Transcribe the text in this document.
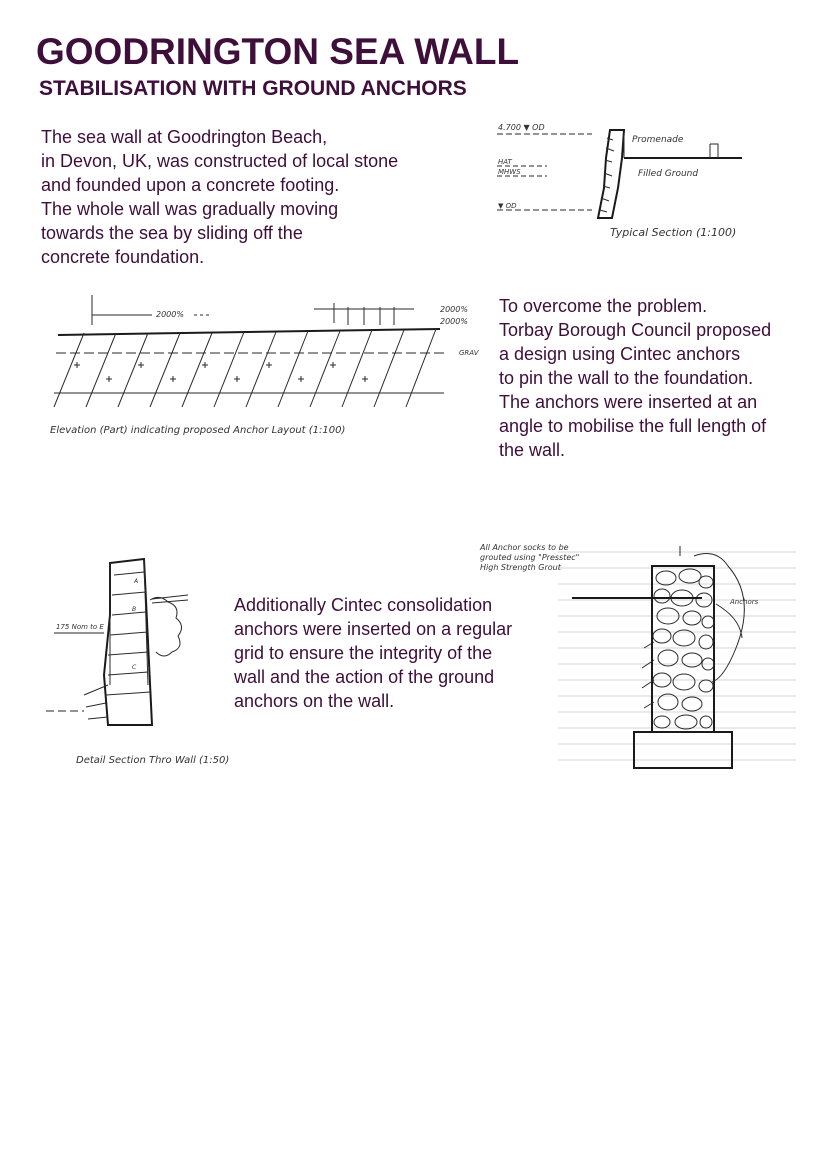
GOODRINGTON SEA WALL
STABILISATION WITH GROUND ANCHORS

The sea wall at Goodrington Beach,
in Devon, UK, was constructed of local stone
and founded upon a concrete footing.
The whole wall was gradually moving
towards the sea by sliding off the
concrete foundation.

4.700 ▼ OD
HAT
MHWS
▼ OD
Promenade
Filled Ground
Typical Section (1:100)
2000%
2000%
2000%
GRAV
Elevation (Part) indicating proposed Anchor Layout (1:100)

To overcome the problem.
Torbay Borough Council proposed
a design using Cintec anchors
to pin the wall to the foundation.
The anchors were inserted at an
angle to mobilise the full length of
the wall.

A
B
C
175 Nom to E
Detail Section Thro Wall (1:50)

Additionally Cintec consolidation
anchors were inserted on a regular
grid to ensure the integrity of the
wall and the action of the ground
anchors on the wall.

All Anchor socks to be
grouted using "Presstec"
High Strength Grout
Anchors
